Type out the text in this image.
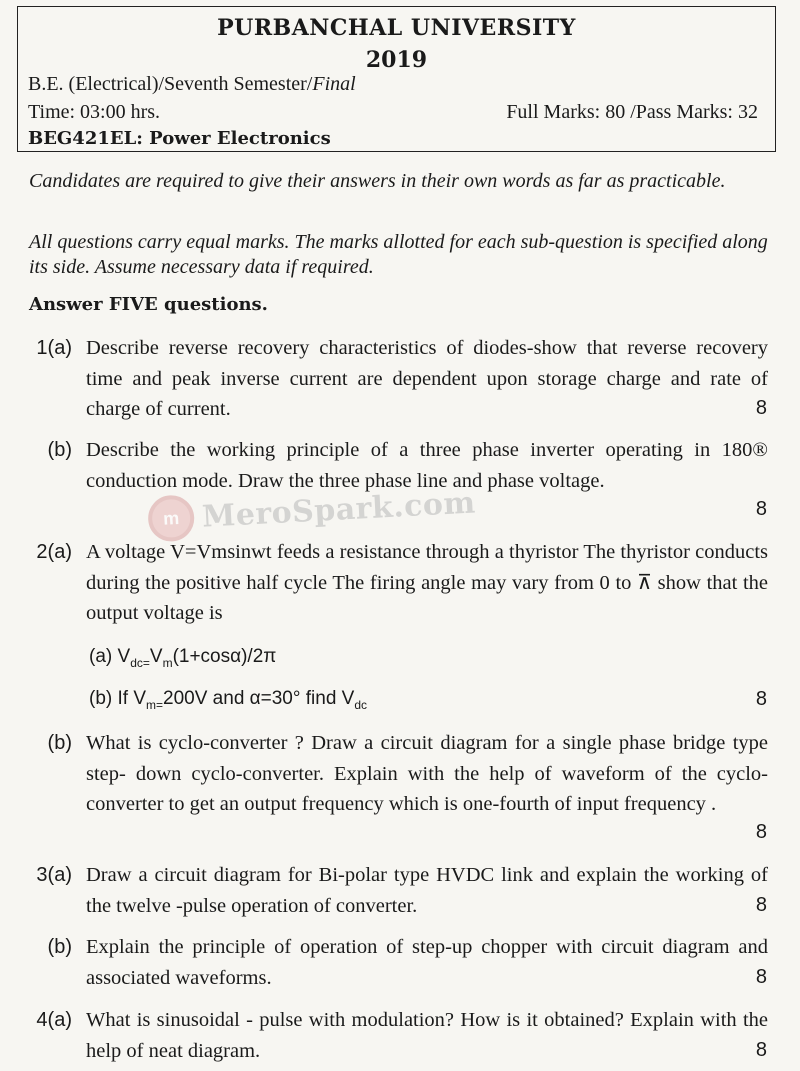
PURBANCHAL UNIVERSITY
2019
B.E. (Electrical)/Seventh Semester/Final
Time: 03:00 hrs.	Full Marks: 80 /Pass Marks: 32
BEG421EL: Power Electronics
Candidates are required to give their answers in their own words as far as practicable.
All questions carry equal marks. The marks allotted for each sub-question is specified along its side. Assume necessary data if required.
Answer FIVE questions.
1(a) Describe reverse recovery characteristics of diodes-show that reverse recovery time and peak inverse current are dependent upon storage charge and rate of charge of current.	8
(b) Describe the working principle of a three phase inverter operating in 180® conduction mode. Draw the three phase line and phase voltage.
8
2(a) A voltage V=Vmsinwt feeds a resistance through a thyristor The thyristor conducts during the positive half cycle The firing angle may vary from 0 to ⊼ show that the output voltage is
(a) $V_{dc=}V_m(1+\cos\alpha)/2\pi$
(b) If $V_{m=}200V$ and α=30° find $V_{dc}$	8
(b) What is cyclo-converter ? Draw a circuit diagram for a single phase bridge type step- down cyclo-converter. Explain with the help of waveform of the cyclo-converter to get an output frequency which is one-fourth of input frequency .
8
3(a) Draw a circuit diagram for Bi-polar type HVDC link and explain the working of the twelve -pulse operation of converter.	8
(b) Explain the principle of operation of step-up chopper with circuit diagram and associated waveforms.	8
4(a) What is sinusoidal - pulse with modulation? How is it obtained? Explain with the help of neat diagram.	8
m MeroSpark.com
